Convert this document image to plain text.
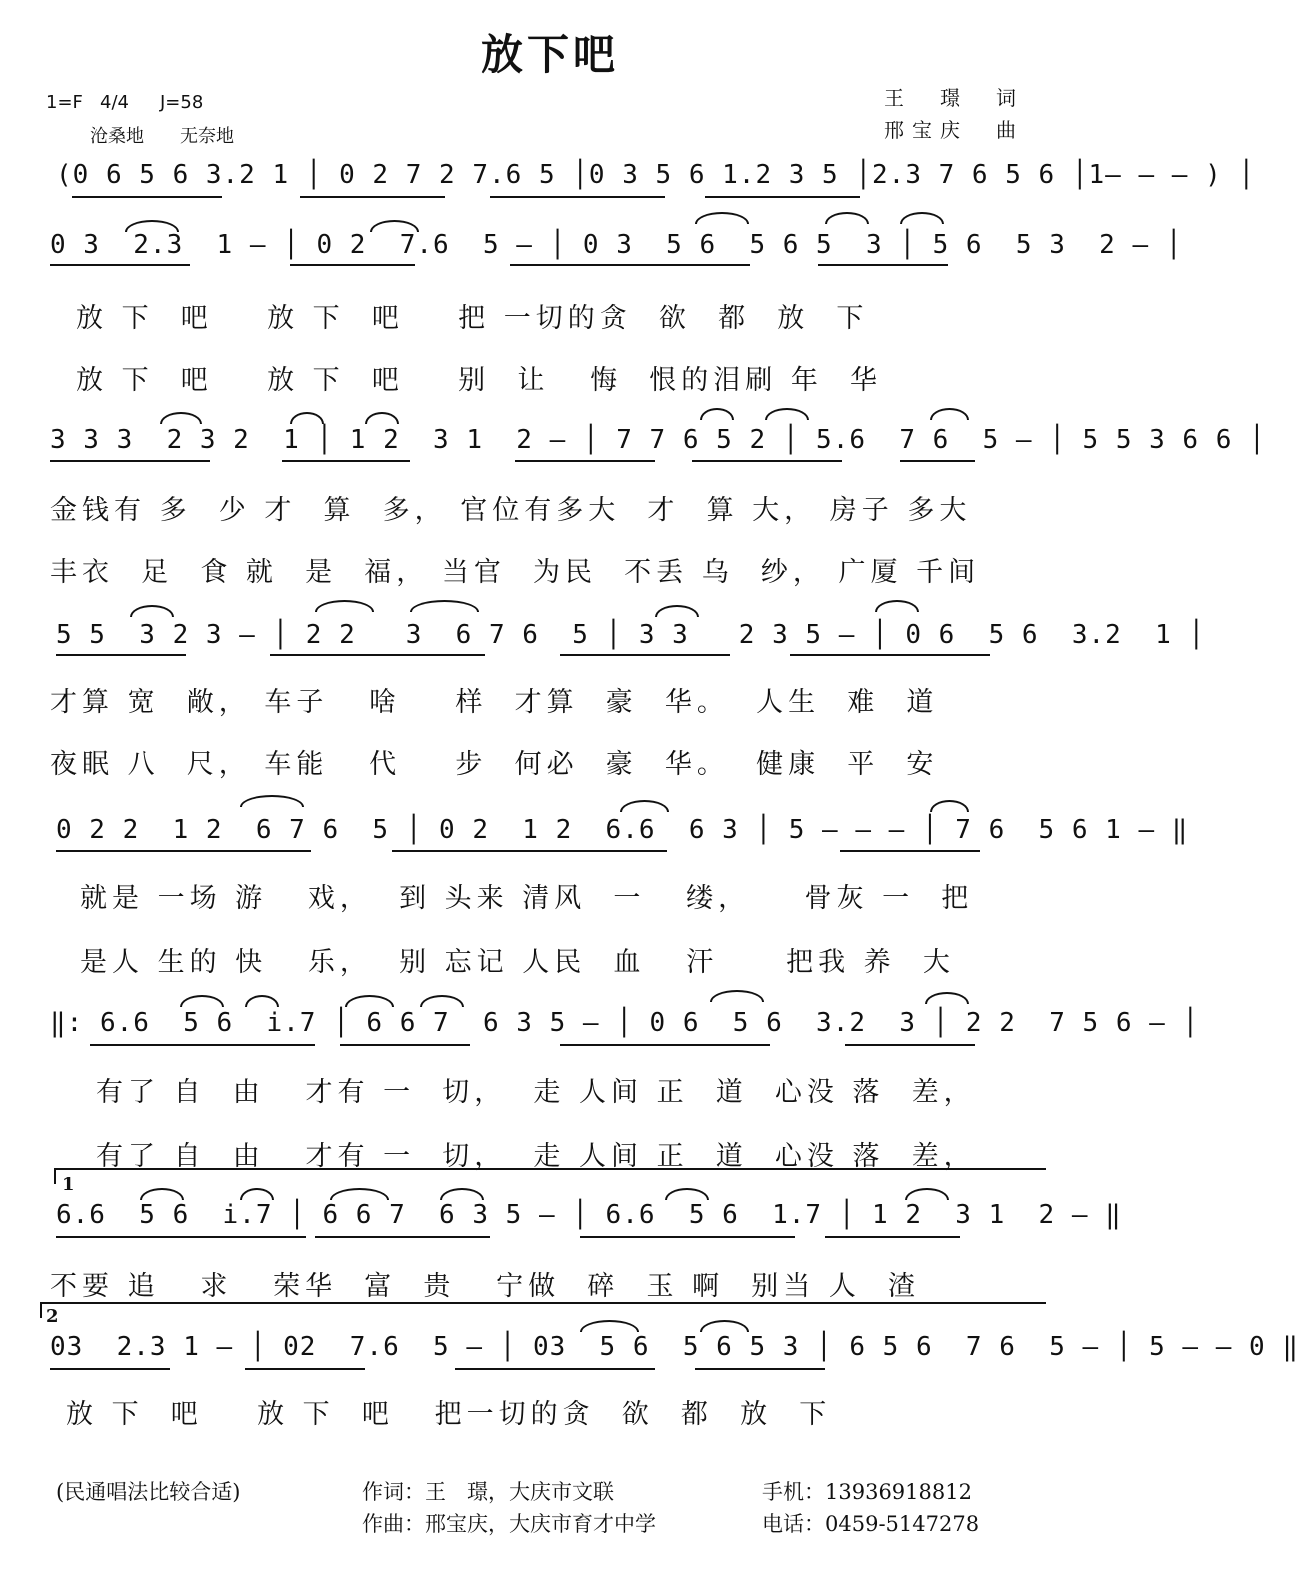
放下吧
1=F 4/4 J=58
沧桑地　　无奈地
王　璟　词
邢宝庆　曲
(0 6 5 6 3.2 1 │ 0 2 7 2 7.6 5 │0 3 5 6 1.2 3 5 │2.3 7 6 5 6 │1— — — ) │
0 3  2.3  1 — │ 0 2  7.6  5 — │ 0 3  5 6  5 6 5  3 │ 5 6  5 3  2 — │
放 下  吧    放 下  吧    把 一切的贪  欲  都  放  下
放 下  吧    放 下  吧    别  让   悔  恨的泪刷 年  华
3 3 3  2 3 2  1 │ 1 2  3 1  2 — │ 7 7 6 5 2 │ 5.6  7 6  5 — │ 5 5 3 6 6 │
金钱有 多  少 才  算  多， 官位有多大  才  算 大， 房子 多大
丰衣  足  食 就  是  福， 当官  为民  不丢 乌  纱， 广厦 千间
5 5  3 2 3 — │ 2 2   3  6 7 6  5 │ 3 3   2 3 5 — │ 0 6  5 6  3.2  1 │
才算 宽  敞， 车子   啥    样  才算  豪  华。  人生  难  道
夜眠 八  尺， 车能   代    步  何必  豪  华。  健康  平  安
0 2 2  1 2  6 7 6  5 │ 0 2  1 2  6.6  6 3 │ 5 — — — │ 7 6  5 6 1 — ‖
就是 一场 游   戏，  到 头来 清风  一   缕，    骨灰 一  把
是人 生的 快   乐，  别 忘记 人民  血   汗     把我 养  大
‖: 6.6  5 6  i.7 │ 6 6 7  6 3 5 — │ 0 6  5 6  3.2  3 │ 2 2  7 5 6 — │
有了 自  由   才有 一  切，  走 人间 正  道  心没 落  差，
有了 自  由   才有 一  切，  走 人间 正  道  心没 落  差，
1
6.6  5 6  i.7 │ 6 6 7  6 3 5 — │ 6.6  5 6  1.7 │ 1 2  3 1  2 — ‖
不要 追   求   荣华  富  贵   宁做  碎  玉 啊  别当 人  渣
2
03  2.3 1 — │ 02  7.6  5 — │ 03  5 6  5 6 5 3 │ 6 5 6  7 6  5 — │ 5 — — 0 ‖
放 下  吧    放 下  吧   把一切的贪  欲  都  放  下
(民通唱法比较合适)	作词：王　璟，大庆市文联
作曲：邢宝庆，大庆市育才中学
手机：13936918812
电话：0459-5147278
